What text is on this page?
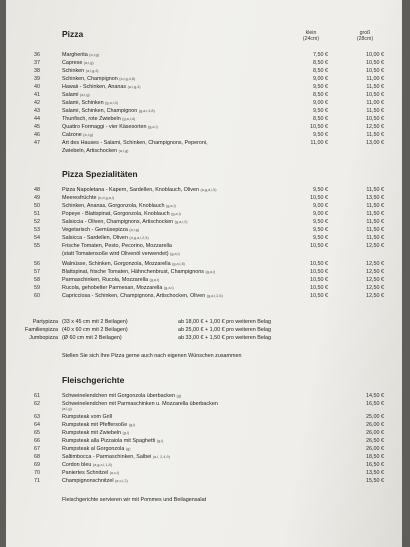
Pizza	klein
(24cm)
groß
(28cm)
36	Margherita (a,l,g)	7,50 €	10,00 €
37	Caprese (a,l,g)	8,50 €	10,50 €
38	Schinken (a,l,g,4)	8,50 €	10,50 €
39	Schinken, Champignon (a,l,g,4,8)	9,00 €	11,00 €
40	Hawaii - Schinken, Ananas (a,l,g,4)	9,50 €	11,50 €
41	Salami (a,l,g)	8,50 €	10,50 €
42	Salami, Schinken (g,a,l,4)	9,00 €	11,00 €
43	Salami, Schinken, Champignon (g,a,l,4,8)	9,50 €	11,50 €
44	Thunfisch, rote Zwiebeln (g,a,l,d)	8,50 €	10,50 €
45	Quattro Formaggi - vier Käsesorten (g,a,l)	10,50 €	12,50 €
46	Calzone (a,l,g)	9,50 €	11,50 €
47	Art des Hauses - Salami, Schinken, Champignons, Peperoni,	11,00 €	13,00 €
Zwiebeln, Artischocken (a,l,g)
Pizza Spezialitäten
48	Pizza Napoletana - Kapern, Sardellen, Knoblauch, Oliven (a,g,d,l,5)	9,50 €	11,50 €
49	Meeresfrüchte (b,d,g,a,l)	10,50 €	13,50 €
50	Schinken, Ananas, Gorgonzola, Knoblauch (g,a,l)	9,00 €	11,50 €
51	Popeye - Blattspinat, Gorgonzola, Knoblauch (g,a,l)	9,00 €	11,50 €
52	Salsiccia - Oliven, Champignons, Artischocken (g,a,l,2)	9,50 €	11,50 €
53	Vegetarisch - Gemüsepizza (a,l,g)	9,50 €	11,50 €
54	Salsicca - Sardellen, Oliven (d,g,a,l,2,5)	9,50 €	11,50 €
55	Frische Tomaten, Pesto, Pecorino, Mozzarella	10,50 €	12,50 €
(statt Tomatensoße wird Olivenöl verwendet) (g,a,l)
56	Walnüsse, Schinken, Gorgonzola, Mozzarella (g,a,l,8)	10,50 €	12,50 €
57	Blattspinat, frische Tomaten, Hähnchenbrust, Champignons (g,a,l)	10,50 €	12,50 €
58	Parmaschinken, Rucola, Mozzarella (g,a,l)	10,50 €	12,50 €
59	Rucola, gehobelter Parmesan, Mozzarella (g,a,l)	10,50 €	12,50 €
60	Capricciosa - Schinken, Champignons, Artischocken, Oliven (g,a,l,2,6)	10,50 €	12,50 €
Partypizza (33 x 45 cm mit 2 Beilagen)	ab 18,00 € + 1,00 € pro weiteren Belag
Familienpizza (40 x 60 cm mit 2 Beilagen)	ab 25,00 € + 1,00 € pro weiteren Belag
Jumbopizza (Ø 60 cm mit 2 Beilagen)	ab 33,00 € + 1,50 € pro weiteren Belag
Stellen Sie sich Ihre Pizza gerne auch nach eigenen Wünschen zusammen
Fleischgerichte
61	Schweinelendchen mit Gorgonzola überbacken (g)	14,50 €
62	Schweinelendchen mit Parmaschinken u. Mozzarella überbacken	16,50 €
(a,l,g)
63	Rumpsteak vom Grill	25,00 €
64	Rumpsteak mit Pfeffersoße (g,i)	26,00 €
65	Rumpsteak mit Zwiebeln (g,i)	26,00 €
66	Rumpsteak alla Pizzaiola mit Spaghetti (g,i)	26,50 €
67	Rumpsteak al Gorgonzola (g)	26,00 €
68	Saltimbocca - Parmaschinken, Salbei (a,l, 2,4,9)	18,50 €
69	Cordon bleu (a,g,c,l,1,8)	16,50 €
70	Paniertes Schnitzel (a,c,l)	13,50 €
71	Champignonschnitzel (a,c,l,2)	15,50 €
Fleischgerichte servieren wir mit Pommes und Beilagensalat
